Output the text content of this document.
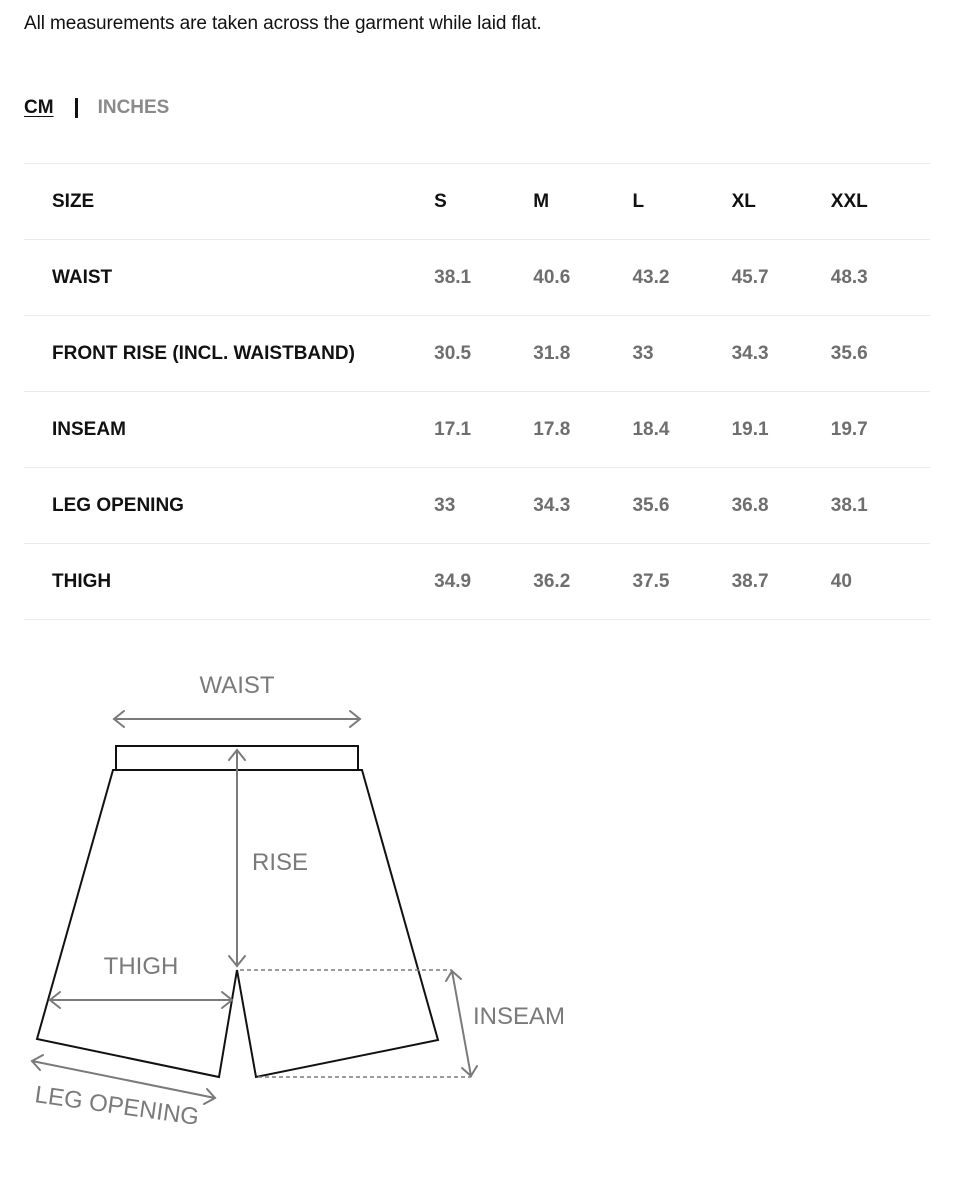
All measurements are taken across the garment while laid flat.
CM INCHES
SIZE	S	M	L	XL	XXL
WAIST	38.1	40.6	43.2	45.7	48.3
FRONT RISE (INCL. WAISTBAND)	30.5	31.8	33	34.3	35.6
INSEAM	17.1	17.8	18.4	19.1	19.7
LEG OPENING	33	34.3	35.6	36.8	38.1
THIGH	34.9	36.2	37.5	38.7	40
WAIST
RISE
THIGH
INSEAM
LEG OPENING
